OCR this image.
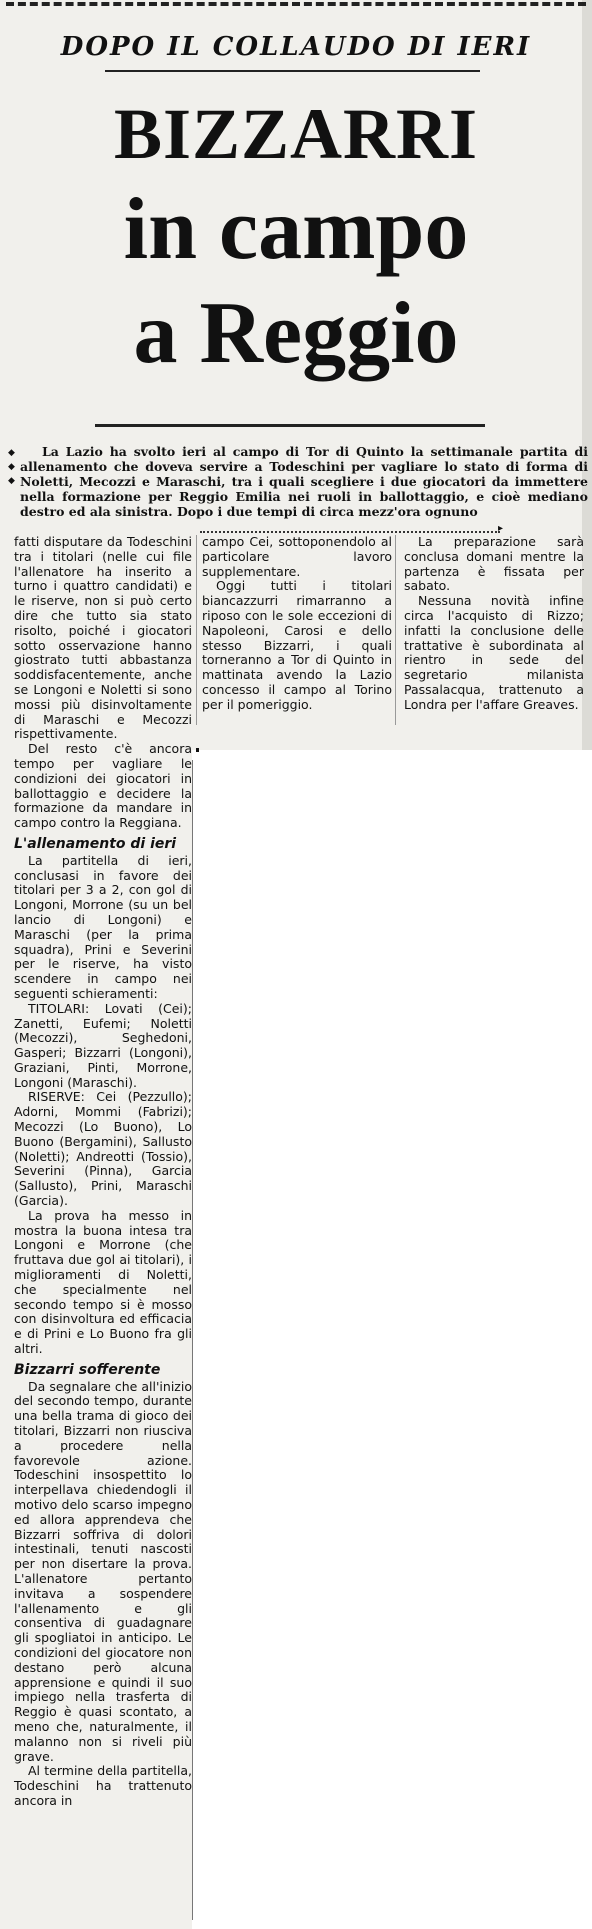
DOPO IL COLLAUDO DI IERI
BIZZARRI
in campo
a Reggio
◆
◆
◆
La Lazio ha svolto ieri al campo di Tor di Quinto la settimanale partita di allenamento che doveva servire a Todeschini per vagliare lo stato di forma di Noletti, Mecozzi e Maraschi, tra i quali sceglierе i due giocatori da immettere nella formazione per Reggio Emilia nei ruoli in ballottaggio, e cioè mediano destro ed ala sinistra. Dopo i due tempi di circa mezz'ora ognuno
▸

fatti disputare da Todeschini tra i titolari (nelle cui file l'allenatore ha inserito a turno i quattro candidati) e le riserve, non si può certo dire che tutto sia stato risolto, poiché i giocatori sotto osservazione hanno giostrato tutti abbastanza soddisfacentemente, anche se Longoni e Noletti si sono mossi più disinvoltamente di Maraschi e Mecozzi rispettivamente.

Del resto c'è ancora tempo per vagliare le condizioni dei giocatori in ballottaggio e decidere la formazione da mandare in campo contro la Reggiana.

L'allenamento di ieri

La partitella di ieri, conclusasi in favore dei titolari per 3 a 2, con gol di Longoni, Morrone (su un bel lancio di Longoni) e Maraschi (per la prima squadra), Prini e Severini per le riserve, ha visto scendere in campo nei seguenti schieramenti:

TITOLARI: Lovati (Cei); Zanetti, Eufemi; Noletti (Mecozzi), Seghedoni, Gasperi; Bizzarri (Longoni), Graziani, Pinti, Morrone, Longoni (Maraschi).

RISERVE: Cei (Pezzullo); Adorni, Mommi (Fabrizi); Mecozzi (Lo Buono), Lo Buono (Bergamini), Sallusto (Noletti); Andreotti (Tossio), Severini (Pinna), Garcia (Sallusto), Prini, Maraschi (Garcia).

La prova ha messo in mostra la buona intesa tra Longoni e Morrone (che fruttava due gol ai titolari), i miglioramenti di Noletti, che specialmente nel secondo tempo si è mosso con disinvoltura ed efficacia e di Prini e Lo Buono fra gli altri.

Bizzarri sofferente

Da segnalare che all'inizio del secondo tempo, durante una bella trama di gioco dei titolari, Bizzarri non riusciva a procedere nella favorevole azione. Todeschini insospettito lo interpellava chiedendogli il motivo delo scarso impegno ed allora apprendeva che Bizzarri soffriva di dolori intestinali, tenuti nascosti per non disertare la prova. L'allenatore pertanto invitava a sospendere l'allenamento e gli consentiva di guadagnare gli spogliatoi in anticipo. Le condizioni del giocatore non destano però alcuna apprensione e quindi il suo impiego nella trasferta di Reggio è quasi scontato, a meno che, naturalmente, il malanno non si riveli più grave.

Al termine della partitella, Todeschini ha trattenuto ancora in

campo Cei, sottoponendolo al particolare lavoro supplementare.

Oggi tutti i titolari biancazzurri rimarranno a riposo con le sole eccezioni di Napoleoni, Carosi e dello stesso Bizzarri, i quali torneranno a Tor di Quinto in mattinata avendo la Lazio concesso il campo al Torino per il pomeriggio.

La preparazione sarà conclusa domani mentre la partenza è fissata per sabato.

Nessuna novità infine circa l'acquisto di Rizzo; infatti la conclusione delle trattative è subordinata al rientro in sede del segretario milanista Passalacqua, trattenuto a Londra per l'affare Greaves.
